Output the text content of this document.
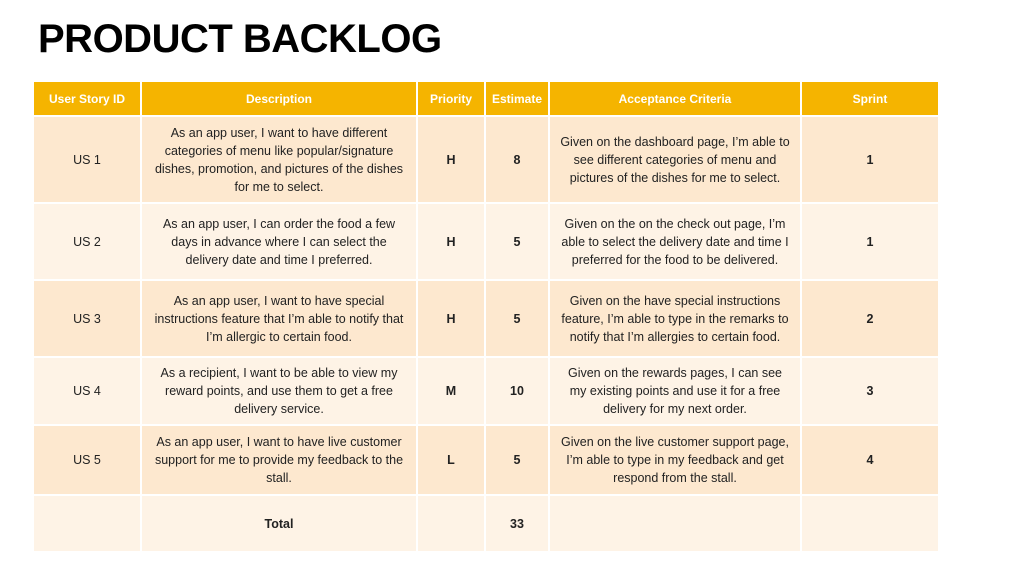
PRODUCT BACKLOG
User Story ID	Description	Priority	Estimate	Acceptance Criteria	Sprint
US 1	As an app user, I want to have different categories of menu like popular/signature dishes, promotion, and pictures of the dishes for me to select.	H	8	Given on the dashboard page, I’m able to see different categories of menu and pictures of the dishes for me to select.	1
US 2	As an app user, I can order the food a few days in advance where I can select the delivery date and time I preferred.	H	5	Given on the on the check out page, I’m able to select the delivery date and time I preferred for the food to be delivered.	1
US 3	As an app user, I want to have special instructions feature that I’m able to notify that I’m allergic to certain food.	H	5	Given on the have special instructions feature, I’m able to type in the remarks to notify that I’m allergies to certain food.	2
US 4	As a recipient, I want to be able to view my reward points, and use them to get a free delivery service.	M	10	Given on the rewards pages, I can see my existing points and use it for a free delivery for my next order.	3
US 5	As an app user, I want to have live customer support for me to provide my feedback to the stall.	L	5	Given on the live customer support page, I’m able to type in my feedback and get respond from the stall.	4
	Total		33		
